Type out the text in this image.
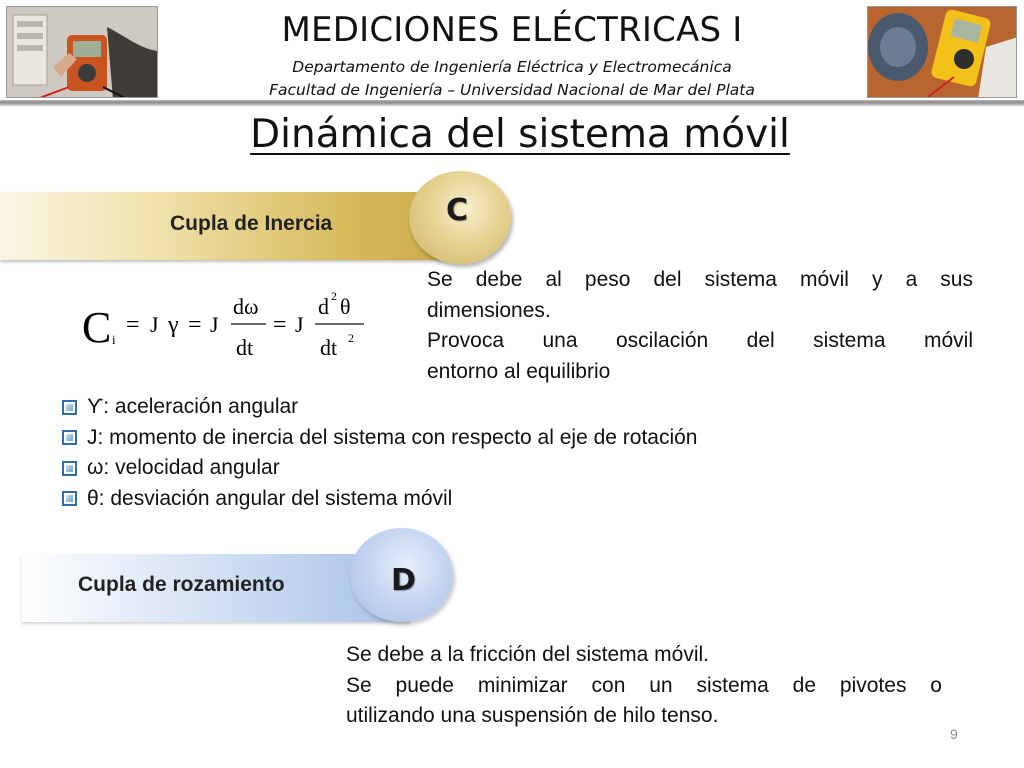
MEDICIONES ELÉCTRICAS I
Departamento de Ingeniería Eléctrica y Electromecánica
Facultad de Ingeniería – Universidad Nacional de Mar del Plata
Dinámica del sistema móvil
C
Cupla de Inercia

Se debe al peso del sistema móvil y a sus

dimensiones.

Provoca una oscilación del sistema móvil

entorno al equilibrio

C i
= J γ = J
dω
dt
= J
d 2 θ
dt 2
ϒ: aceleración angular
J: momento de inercia del sistema con respecto al eje de rotación
ω: velocidad angular
θ: desviación angular del sistema móvil
D
Cupla de rozamiento

Se debe a la fricción del sistema móvil.

Se puede minimizar con un sistema de pivotes o

utilizando una suspensión de hilo tenso.

9
